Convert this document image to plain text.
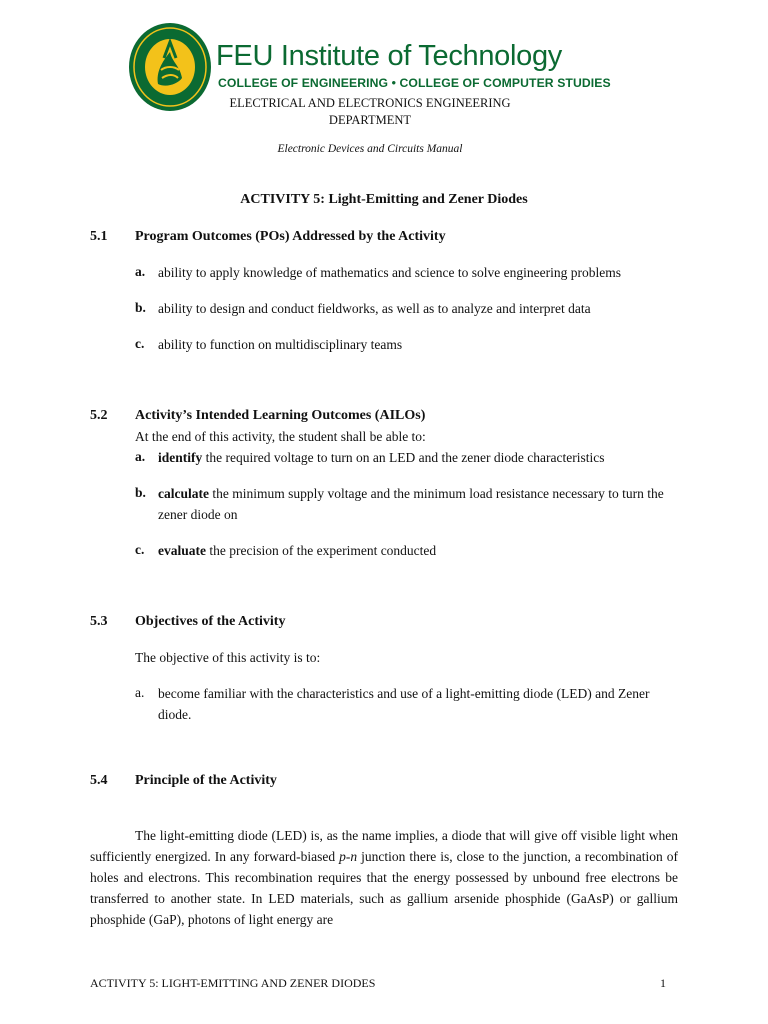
FEU Institute of Technology
COLLEGE OF ENGINEERING • COLLEGE OF COMPUTER STUDIES
ELECTRICAL AND ELECTRONICS ENGINEERING
DEPARTMENT
Electronic Devices and Circuits Manual
ACTIVITY 5: Light-Emitting and Zener Diodes
5.1 Program Outcomes (POs) Addressed by the Activity
a. ability to apply knowledge of mathematics and science to solve engineering problems
b. ability to design and conduct fieldworks, as well as to analyze and interpret data
c. ability to function on multidisciplinary teams
5.2 Activity’s Intended Learning Outcomes (AILOs)
At the end of this activity, the student shall be able to:
a. identify the required voltage to turn on an LED and the zener diode characteristics
b. calculate the minimum supply voltage and the minimum load resistance necessary to turn the zener diode on
c. evaluate the precision of the experiment conducted
5.3 Objectives of the Activity
The objective of this activity is to:
a. become familiar with the characteristics and use of a light-emitting diode (LED) and Zener diode.
5.4 Principle of the Activity
The light-emitting diode (LED) is, as the name implies, a diode that will give off visible light when sufficiently energized. In any forward-biased p-n junction there is, close to the junction, a recombination of holes and electrons. This recombination requires that the energy possessed by unbound free electrons be transferred to another state. In LED materials, such as gallium arsenide phosphide (GaAsP) or gallium phosphide (GaP), photons of light energy are
ACTIVITY 5: LIGHT-EMITTING AND ZENER DIODES	1
